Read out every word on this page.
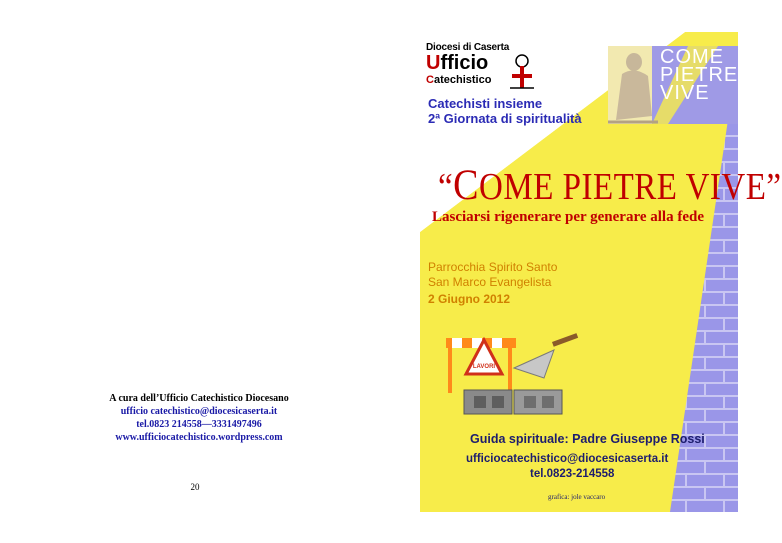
A cura dell’Ufficio Catechistico Diocesano
ufficio catechistico@diocesicaserta.it
tel.0823 214558—3331497496
www.ufficiocatechistico.wordpress.com
20
Diocesi di Caserta
Ufficio
Catechistico
COME
PIETRE
VIVE
Catechisti insieme
2ª Giornata di spiritualità
“COME PIETRE VIVE”
Lasciarsi rigenerare per generare alla fede
Parrocchia Spirito Santo
San Marco Evangelista
2 Giugno 2012
LAVORI
Guida spirituale: Padre Giuseppe Rossi
ufficiocatechistico@diocesicaserta.it
tel.0823-214558
grafica: jole vaccaro
